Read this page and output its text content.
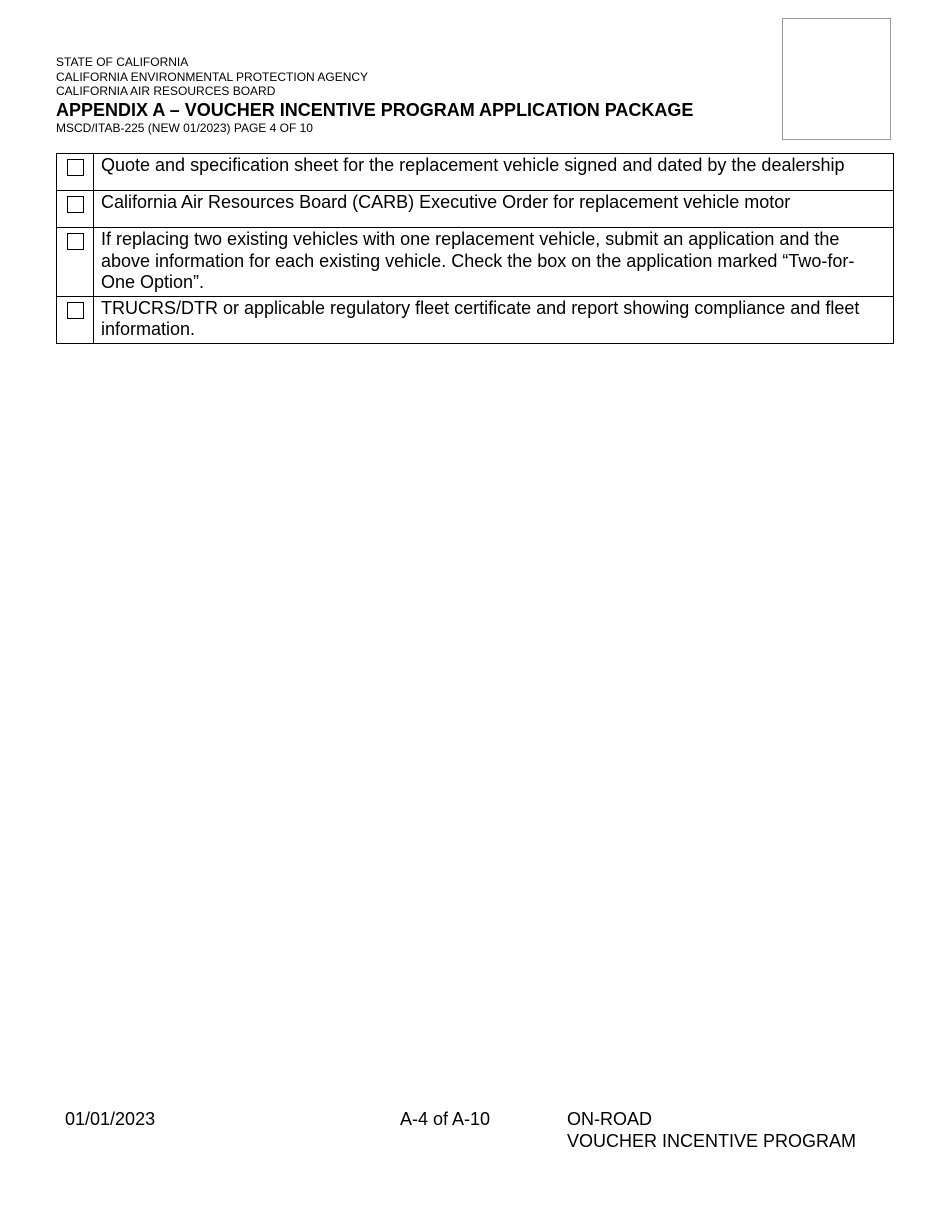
STATE OF CALIFORNIA
CALIFORNIA ENVIRONMENTAL PROTECTION AGENCY
CALIFORNIA AIR RESOURCES BOARD
APPENDIX A – VOUCHER INCENTIVE PROGRAM APPLICATION PACKAGE
MSCD/ITAB-225 (NEW 01/2023) PAGE 4 OF 10
	Quote and specification sheet for the replacement vehicle signed and dated by the dealership

	California Air Resources Board (CARB) Executive Order for replacement vehicle motor

	If replacing two existing vehicles with one replacement vehicle, submit an application and the above information for each existing vehicle. Check the box on the application marked “Two-for-One Option”.

	TRUCRS/DTR or applicable regulatory fleet certificate and report showing compliance and fleet information.
01/01/2023	A-4 of A-10	ON-ROAD
VOUCHER INCENTIVE PROGRAM
